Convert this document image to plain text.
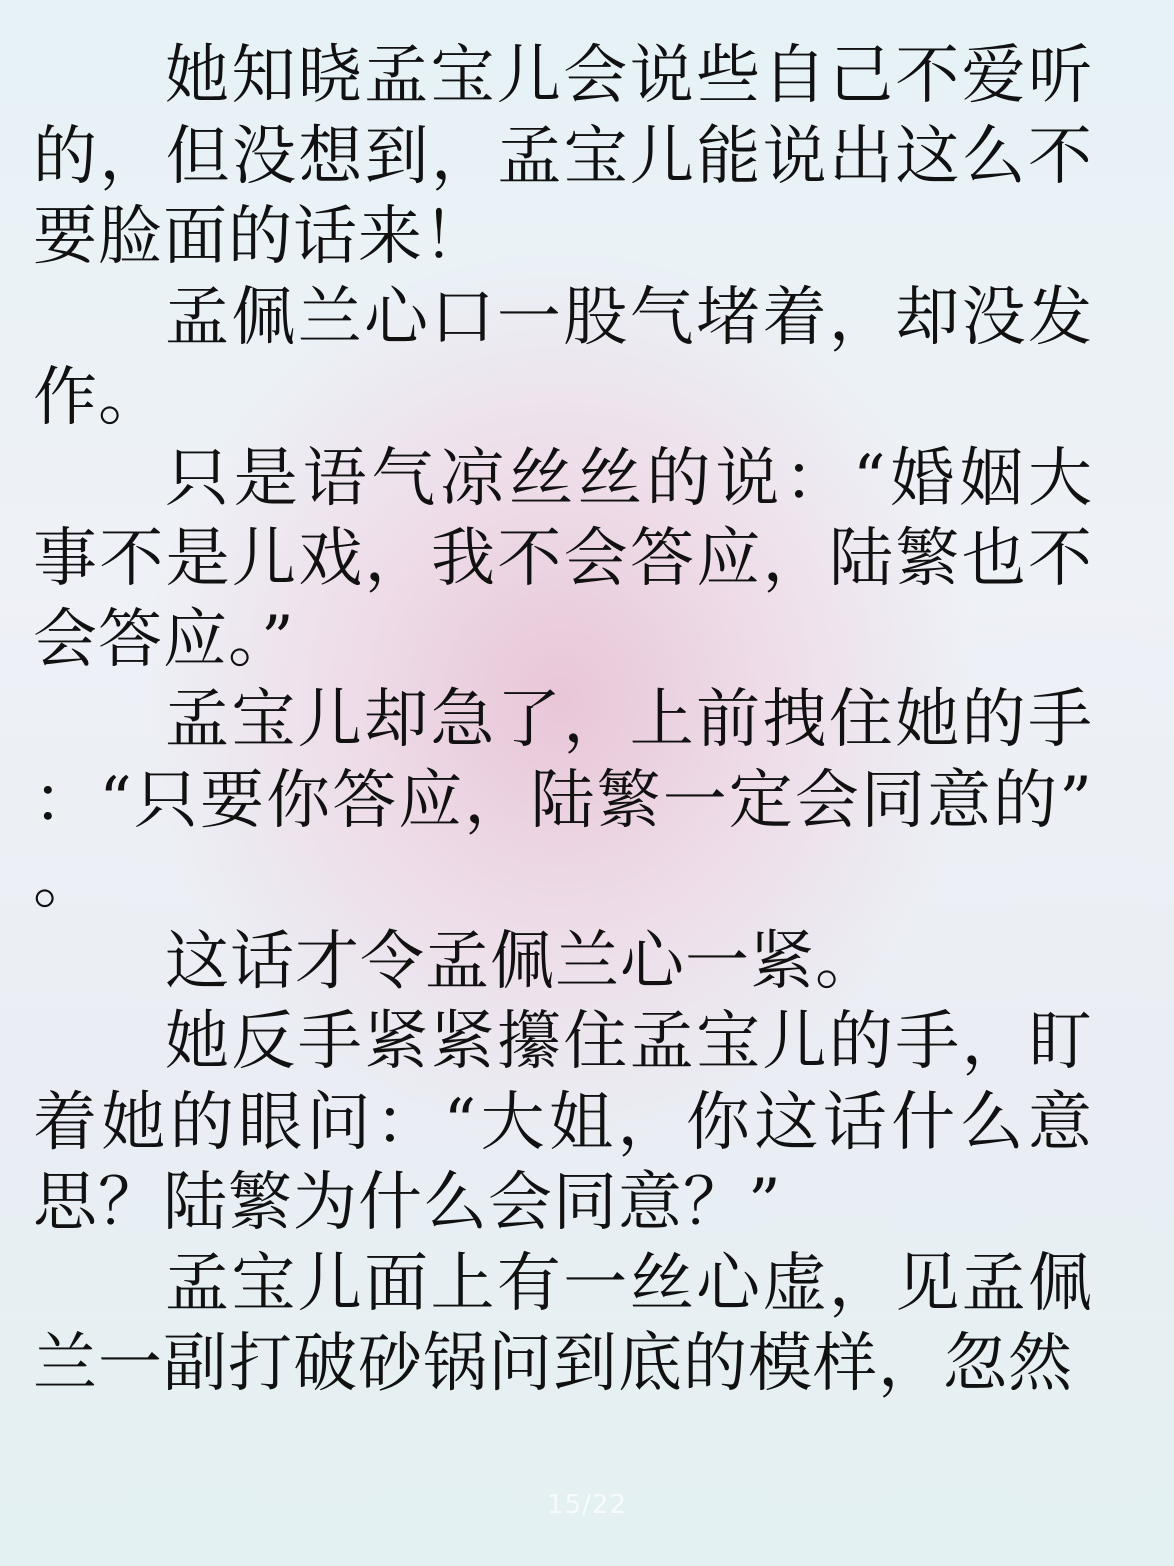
她知晓孟宝儿会说些自己不爱听的，但没想到，孟宝儿能说出这么不要脸面的话来！

孟佩兰心口一股气堵着，却没发作。

只是语气凉丝丝的说：“婚姻大事不是儿戏，我不会答应，陆繁也不会答应。”

孟宝儿却急了，上前拽住她的手：“只要你答应，陆繁一定会同意的”。

这话才令孟佩兰心一紧。

她反手紧紧攥住孟宝儿的手，盯着她的眼问：“大姐，你这话什么意思？陆繁为什么会同意？”

孟宝儿面上有一丝心虚，见孟佩兰一副打破砂锅问到底的模样，忽然

15/22
